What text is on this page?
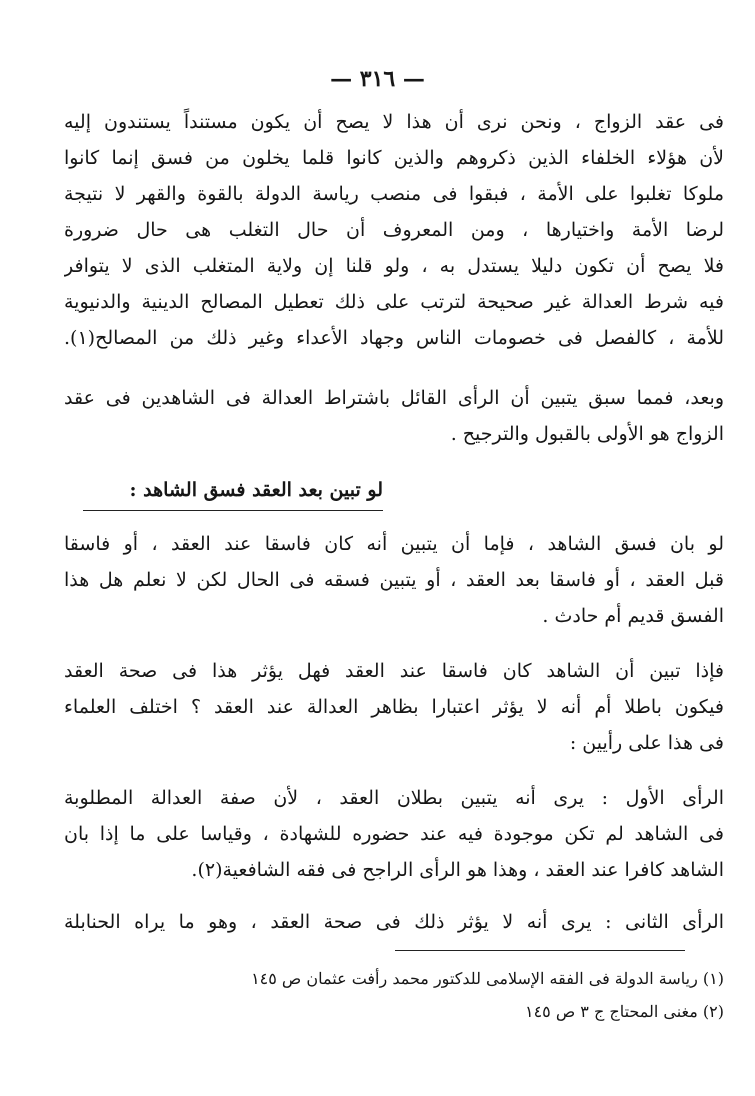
— ٣١٦ —
فى عقد الزواج ، ونحن نرى أن هذا لا يصح أن يكون مستنداً يستندون إليه
لأن هؤلاء الخلفاء الذين ذكروهم والذين كانوا قلما يخلون من فسق إنما كانوا
ملوكا تغلبوا على الأمة ، فبقوا فى منصب رياسة الدولة بالقوة والقهر لا نتيجة
لرضا الأمة واختيارها ، ومن المعروف أن حال التغلب هى حال ضرورة
فلا يصح أن تكون دليلا يستدل به ، ولو قلنا إن ولاية المتغلب الذى لا يتوافر
فيه شرط العدالة غير صحيحة لترتب على ذلك تعطيل المصالح الدينية والدنيوية
للأمة ، كالفصل فى خصومات الناس وجهاد الأعداء وغير ذلك من المصالح(١).
وبعد، فمما سبق يتبين أن الرأى القائل باشتراط العدالة فى الشاهدين فى عقد
الزواج هو الأولى بالقبول والترجيح .
لو تبين بعد العقد فسق الشاهد :
لو بان فسق الشاهد ، فإما أن يتبين أنه كان فاسقا عند العقد ، أو فاسقا
قبل العقد ، أو فاسقا بعد العقد ، أو يتبين فسقه فى الحال لكن لا نعلم هل هذا
الفسق قديم أم حادث .
فإذا تبين أن الشاهد كان فاسقا عند العقد فهل يؤثر هذا فى صحة العقد
فيكون باطلا أم أنه لا يؤثر اعتبارا بظاهر العدالة عند العقد ؟ اختلف العلماء
فى هذا على رأيين :
الرأى الأول : يرى أنه يتبين بطلان العقد ، لأن صفة العدالة المطلوبة
فى الشاهد لم تكن موجودة فيه عند حضوره للشهادة ، وقياسا على ما إذا بان
الشاهد كافرا عند العقد ، وهذا هو الرأى الراجح فى فقه الشافعية(٢).
الرأى الثانى : يرى أنه لا يؤثر ذلك فى صحة العقد ، وهو ما يراه الحنابلة
(١) رياسة الدولة فى الفقه الإسلامى للدكتور محمد رأفت عثمان ص ١٤٥
(٢) مغنى المحتاج ج ٣ ص ١٤٥
